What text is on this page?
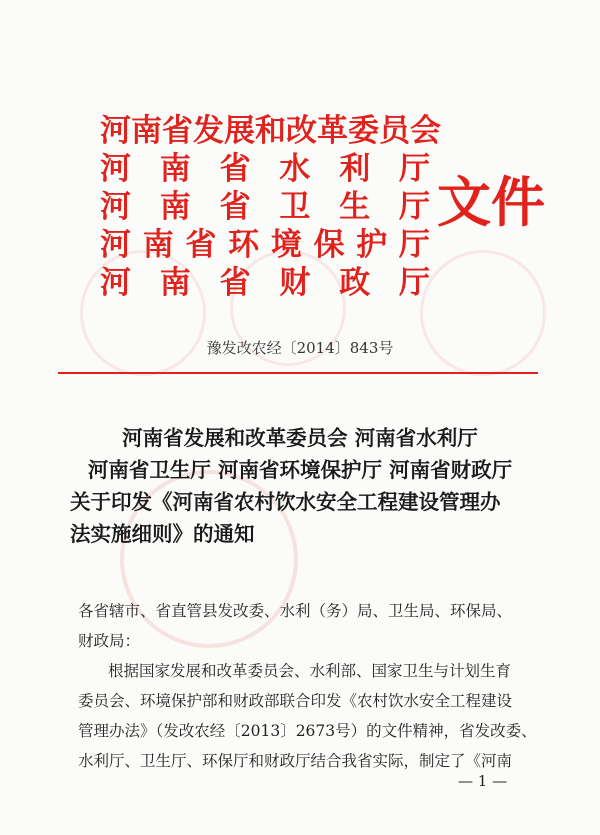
河南省发展和改革委员会
河 南 省 水 利 厅
河 南 省 卫 生 厅
河 南 省 环 境 保 护 厅
河 南 省 财 政 厅
文件
豫发改农经〔2014〕843号
河南省发展和改革委员会 河南省水利厅
河南省卫生厅 河南省环境保护厅 河南省财政厅
关于印发《河南省农村饮水安全工程建设管理办
法实施细则》的通知
各省辖市、省直管县发改委、水利（务）局、卫生局、环保局、
财政局：
根据国家发展和改革委员会、水利部、国家卫生与计划生育
委员会、环境保护部和财政部联合印发《农村饮水安全工程建设
管理办法》（发改农经〔2013〕2673号）的文件精神，省发改委、
水利厅、卫生厅、环保厅和财政厅结合我省实际，制定了《河南
— 1 —
